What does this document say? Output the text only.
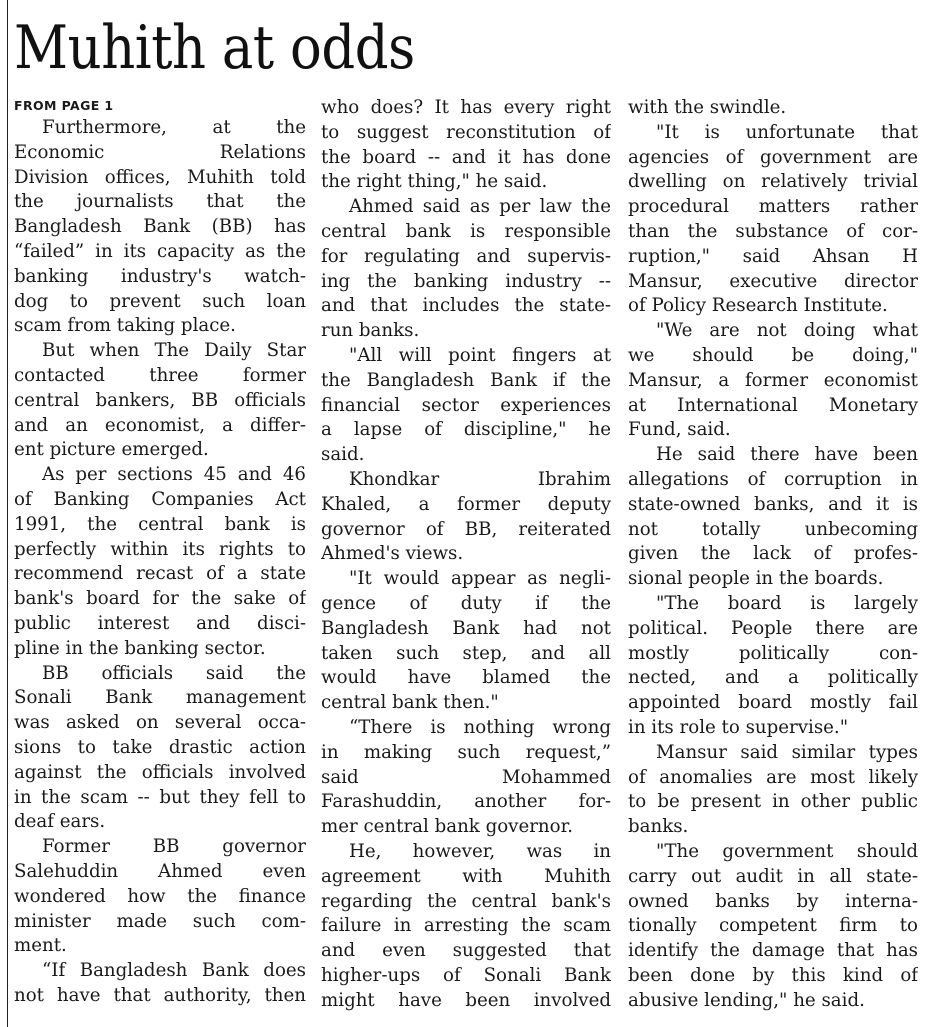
Muhith at odds
FROM PAGE 1
Furthermore, at the
Economic Relations
Division offices, Muhith told
the journalists that the
Bangladesh Bank (BB) has
“failed” in its capacity as the
banking industry's watch-
dog to prevent such loan
scam from taking place.
But when The Daily Star
contacted three former
central bankers, BB officials
and an economist, a differ-
ent picture emerged.
As per sections 45 and 46
of Banking Companies Act
1991, the central bank is
perfectly within its rights to
recommend recast of a state
bank's board for the sake of
public interest and disci-
pline in the banking sector.
BB officials said the
Sonali Bank management
was asked on several occa-
sions to take drastic action
against the officials involved
in the scam -- but they fell to
deaf ears.
Former BB governor
Salehuddin Ahmed even
wondered how the finance
minister made such com-
ment.
“If Bangladesh Bank does
not have that authority, then
who does? It has every right
to suggest reconstitution of
the board -- and it has done
the right thing," he said.
Ahmed said as per law the
central bank is responsible
for regulating and supervis-
ing the banking industry --
and that includes the state-
run banks.
"All will point fingers at
the Bangladesh Bank if the
financial sector experiences
a lapse of discipline," he
said.
Khondkar Ibrahim
Khaled, a former deputy
governor of BB, reiterated
Ahmed's views.
"It would appear as negli-
gence of duty if the
Bangladesh Bank had not
taken such step, and all
would have blamed the
central bank then."
“There is nothing wrong
in making such request,”
said Mohammed
Farashuddin, another for-
mer central bank governor.
He, however, was in
agreement with Muhith
regarding the central bank's
failure in arresting the scam
and even suggested that
higher-ups of Sonali Bank
might have been involved
with the swindle.
"It is unfortunate that
agencies of government are
dwelling on relatively trivial
procedural matters rather
than the substance of cor-
ruption," said Ahsan H
Mansur, executive director
of Policy Research Institute.
"We are not doing what
we should be doing,"
Mansur, a former economist
at International Monetary
Fund, said.
He said there have been
allegations of corruption in
state-owned banks, and it is
not totally unbecoming
given the lack of profes-
sional people in the boards.
"The board is largely
political. People there are
mostly politically con-
nected, and a politically
appointed board mostly fail
in its role to supervise."
Mansur said similar types
of anomalies are most likely
to be present in other public
banks.
"The government should
carry out audit in all state-
owned banks by interna-
tionally competent firm to
identify the damage that has
been done by this kind of
abusive lending," he said.
